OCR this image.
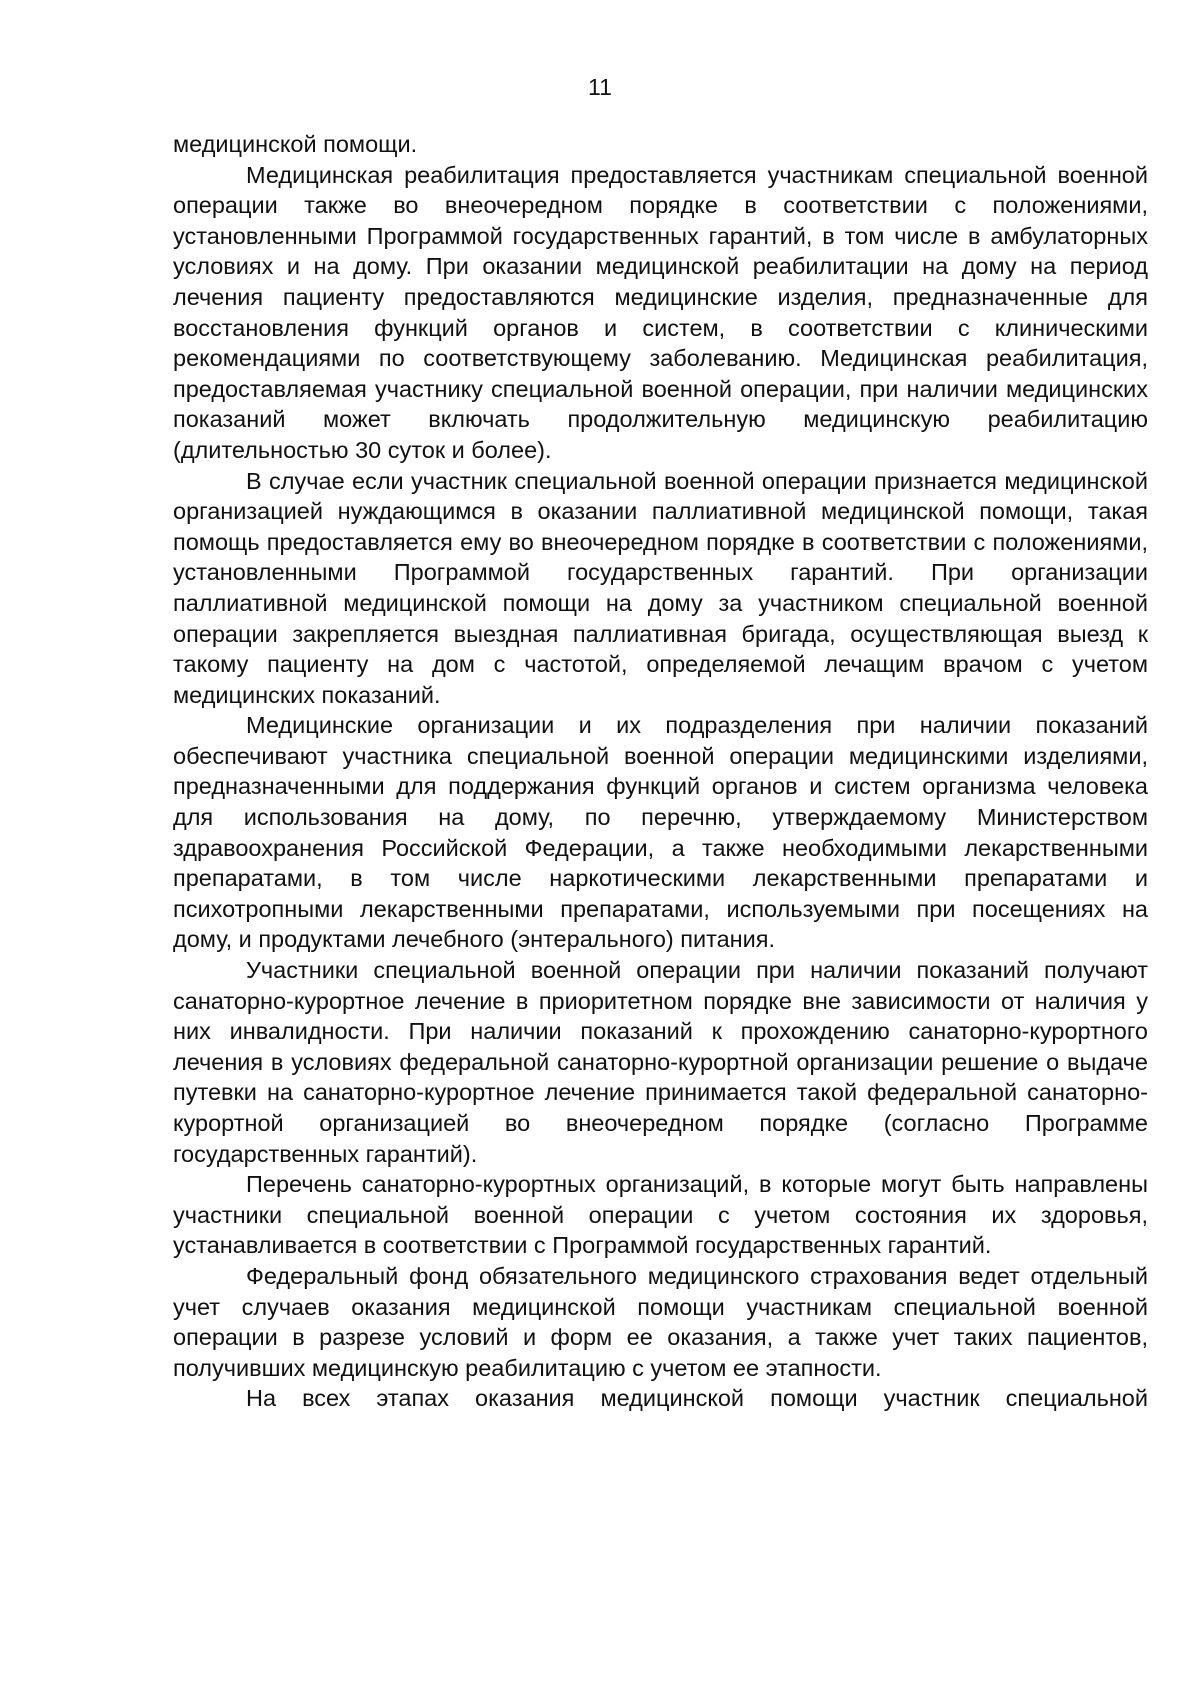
11

медицинской помощи.

Медицинская реабилитация предоставляется участникам специальной военной операции также во внеочередном порядке в соответствии с положениями, установленными Программой государственных гарантий, в том числе в амбулаторных условиях и на дому. При оказании медицинской реабилитации на дому на период лечения пациенту предоставляются медицинские изделия, предназначенные для восстановления функций органов и систем, в соответствии с клиническими рекомендациями по соответствующему заболеванию. Медицинская реабилитация, предоставляемая участнику специальной военной операции, при наличии медицинских показаний может включать продолжительную медицинскую реабилитацию (длительностью 30 суток и более).

В случае если участник специальной военной операции признается медицинской организацией нуждающимся в оказании паллиативной медицинской помощи, такая помощь предоставляется ему во внеочередном порядке в соответствии с положениями, установленными Программой государственных гарантий. При организации паллиативной медицинской помощи на дому за участником специальной военной операции закрепляется выездная паллиативная бригада, осуществляющая выезд к такому пациенту на дом с частотой, определяемой лечащим врачом с учетом медицинских показаний.

Медицинские организации и их подразделения при наличии показаний обеспечивают участника специальной военной операции медицинскими изделиями, предназначенными для поддержания функций органов и систем организма человека для использования на дому, по перечню, утверждаемому Министерством здравоохранения Российской Федерации, а также необходимыми лекарственными препаратами, в том числе наркотическими лекарственными препаратами и психотропными лекарственными препаратами, используемыми при посещениях на дому, и продуктами лечебного (энтерального) питания.

Участники специальной военной операции при наличии показаний получают санаторно-курортное лечение в приоритетном порядке вне зависимости от наличия у них инвалидности. При наличии показаний к прохождению санаторно-курортного лечения в условиях федеральной санаторно-курортной организации решение о выдаче путевки на санаторно-курортное лечение принимается такой федеральной санаторно-курортной организацией во внеочередном порядке (согласно Программе государственных гарантий).

Перечень санаторно-курортных организаций, в которые могут быть направлены участники специальной военной операции с учетом состояния их здоровья, устанавливается в соответствии с Программой государственных гарантий.

Федеральный фонд обязательного медицинского страхования ведет отдельный учет случаев оказания медицинской помощи участникам специальной военной операции в разрезе условий и форм ее оказания, а также учет таких пациентов, получивших медицинскую реабилитацию с учетом ее этапности.

На всех этапах оказания медицинской помощи участник специальной
